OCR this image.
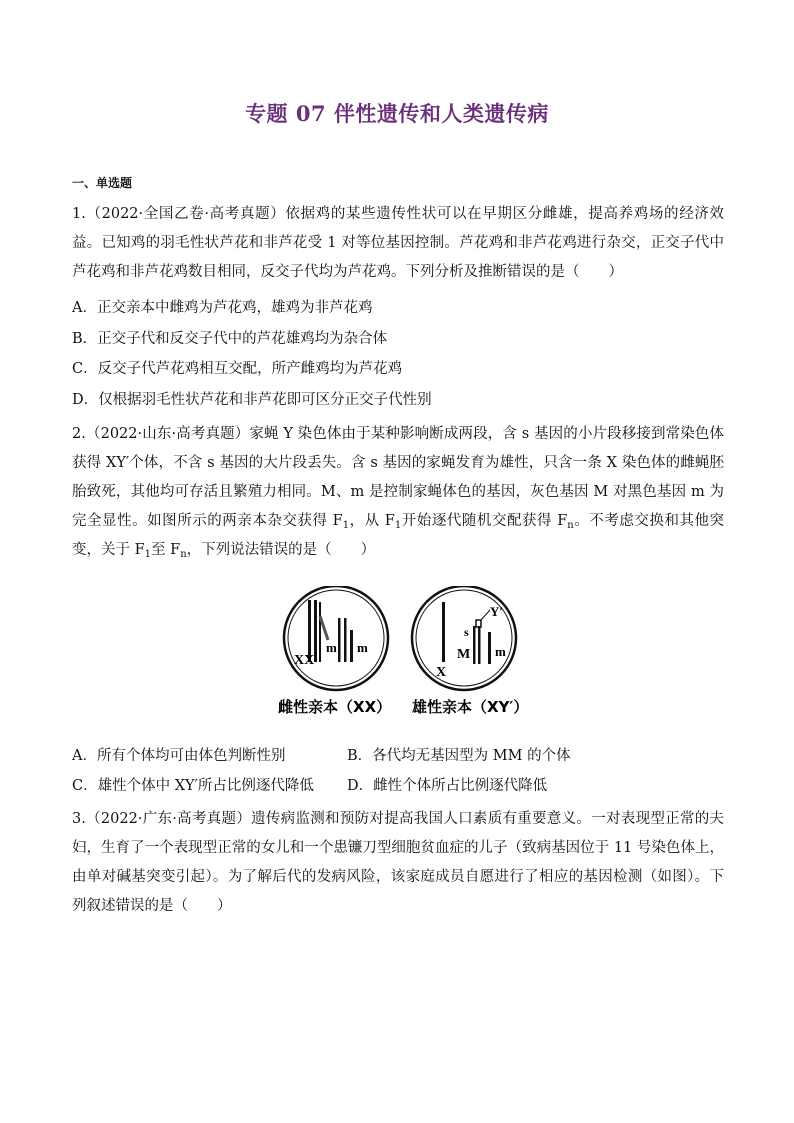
专题 07 伴性遗传和人类遗传病
一、单选题
1.（2022·全国乙卷·高考真题）依据鸡的某些遗传性状可以在早期区分雌雄，提高养鸡场的经济效益。已知鸡的羽毛性状芦花和非芦花受 1 对等位基因控制。芦花鸡和非芦花鸡进行杂交，正交子代中芦花鸡和非芦花鸡数目相同，反交子代均为芦花鸡。下列分析及推断错误的是（　　）
A．正交亲本中雌鸡为芦花鸡，雄鸡为非芦花鸡
B．正交子代和反交子代中的芦花雄鸡均为杂合体
C．反交子代芦花鸡相互交配，所产雌鸡均为芦花鸡
D．仅根据羽毛性状芦花和非芦花即可区分正交子代性别
2.（2022·山东·高考真题）家蝇 Y 染色体由于某种影响断成两段，含 s 基因的小片段移接到常染色体获得 XY′个体，不含 s 基因的大片段丢失。含 s 基因的家蝇发育为雄性，只含一条 X 染色体的雌蝇胚胎致死，其他均可存活且繁殖力相同。M、m 是控制家蝇体色的基因，灰色基因 M 对黑色基因 m 为完全显性。如图所示的两亲本杂交获得 $F_1$，从 $F_1$开始逐代随机交配获得 $F_n$。不考虑交换和其他突变，关于 $F_1$至 $F_n$，下列说法错误的是（　　）
XX
m m
X
s
Y′
M m
雌性亲本（XX） 雄性亲本（XY′）
A．所有个体均可由体色判断性别	B．各代均无基因型为 MM 的个体
C．雄性个体中 XY′所占比例逐代降低 D．雌性个体所占比例逐代降低
3.（2022·广东·高考真题）遗传病监测和预防对提高我国人口素质有重要意义。一对表现型正常的夫妇，生育了一个表现型正常的女儿和一个患镰刀型细胞贫血症的儿子（致病基因位于 11 号染色体上，由单对碱基突变引起）。为了解后代的发病风险，该家庭成员自愿进行了相应的基因检测（如图）。下列叙述错误的是（　　）
